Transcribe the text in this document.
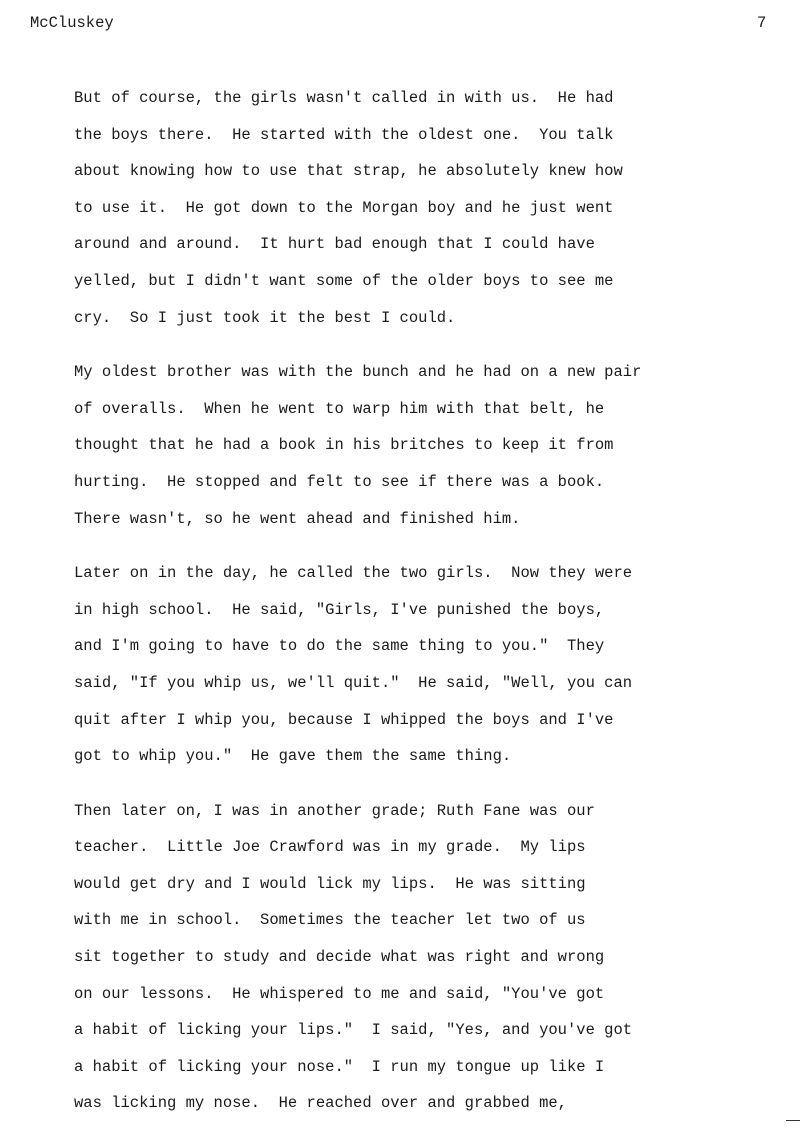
McCluskey	7
But of course, the girls wasn't called in with us.  He had
the boys there.  He started with the oldest one.  You talk
about knowing how to use that strap, he absolutely knew how
to use it.  He got down to the Morgan boy and he just went
around and around.  It hurt bad enough that I could have
yelled, but I didn't want some of the older boys to see me
cry.  So I just took it the best I could.
My oldest brother was with the bunch and he had on a new pair
of overalls.  When he went to warp him with that belt, he
thought that he had a book in his britches to keep it from
hurting.  He stopped and felt to see if there was a book.
There wasn't, so he went ahead and finished him.
Later on in the day, he called the two girls.  Now they were
in high school.  He said, "Girls, I've punished the boys,
and I'm going to have to do the same thing to you."  They
said, "If you whip us, we'll quit."  He said, "Well, you can
quit after I whip you, because I whipped the boys and I've
got to whip you."  He gave them the same thing.
Then later on, I was in another grade; Ruth Fane was our
teacher.  Little Joe Crawford was in my grade.  My lips
would get dry and I would lick my lips.  He was sitting
with me in school.  Sometimes the teacher let two of us
sit together to study and decide what was right and wrong
on our lessons.  He whispered to me and said, "You've got
a habit of licking your lips."  I said, "Yes, and you've got
a habit of licking your nose."  I run my tongue up like I
was licking my nose.  He reached over and grabbed me,
